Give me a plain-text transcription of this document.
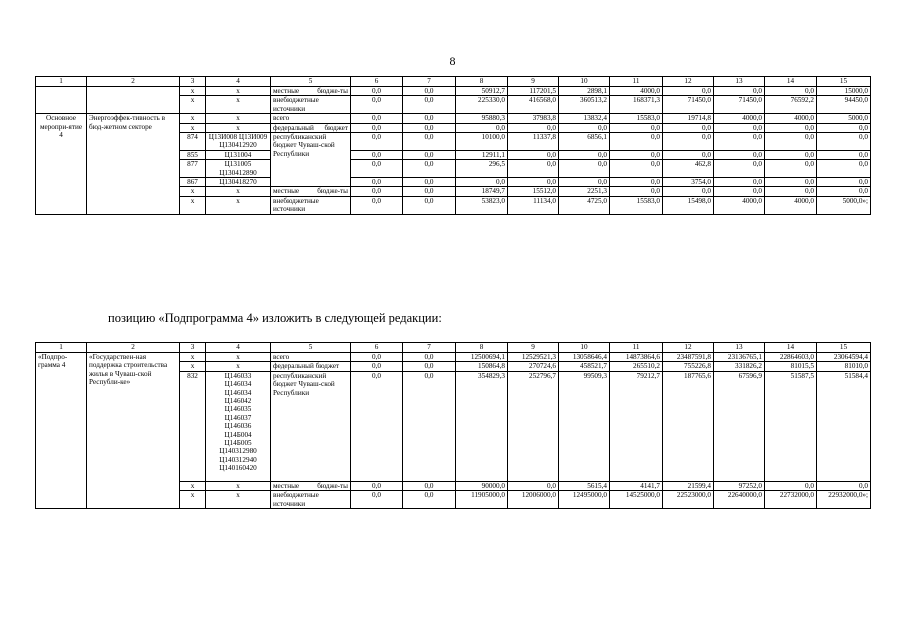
8
1	2	3	4	5	6	7	8	9	10	11	12	13	14	15
		х	х	местные бюдже-ты	0,0	0,0	50912,7	117201,5	2898,1	4000,0	0,0	0,0	0,0	15000,0
		х	х	внебюджетные источники	0,0	0,0	225330,0	416568,0	360513,2	168371,3	71450,0	71450,0	76592,2	94450,0
Основное меропри-ятие 4	Энергоэффек-тивность в бюд-жетном секторе	х	х	всего	0,0	0,0	95880,3	37983,8	13832,4	15583,0	19714,8	4000,0	4000,0	5000,0
		х	х	федеральный бюджет	0,0	0,0	0,0	0,0	0,0	0,0	0,0	0,0	0,0	0,0
		874	Ц13И008 Ц13И009 Ц130412920	республиканский бюджет Чуваш-ской Республики	0,0	0,0	10100,0	11337,8	6856,1	0,0	0,0	0,0	0,0	0,0
		855	Ц131004		0,0	0,0	12911,1	0,0	0,0	0,0	0,0	0,0	0,0	0,0
		877	Ц131005 Ц130412890		0,0	0,0	296,5	0,0	0,0	0,0	462,8	0,0	0,0	0,0
		867	Ц130418270		0,0	0,0	0,0	0,0	0,0	0,0	3754,0	0,0	0,0	0,0
		х	х	местные бюдже-ты	0,0	0,0	18749,7	15512,0	2251,3	0,0	0,0	0,0	0,0	0,0
		х	х	внебюджетные источники	0,0	0,0	53823,0	11134,0	4725,0	15583,0	15498,0	4000,0	4000,0	5000,0»;
позицию «Подпрограмма 4» изложить в следующей редакции:
1	2	3	4	5	6	7	8	9	10	11	12	13	14	15
«Подпро-грамма 4	«Государствен-ная поддержка строительства жилья в Чуваш-ской Республи-ке»	х	х	всего	0,0	0,0	12500694,1	12529521,3	13058646,4	14873864,6	23487591,8	23136765,1	22864603,0	23064594,4
		х	х	федеральный бюджет	0,0	0,0	150864,8	270724,6	458521,7	265510,2	755226,8	331826,2	81015,5	81010,0
		832	Ц146033 Ц146034 Ц146034 Ц146042 Ц146035 Ц146037 Ц146036 Ц14Б004 Ц14Б005 Ц140312980 Ц140312940 Ц140160420	республиканский бюджет Чуваш-ской Республики	0,0	0,0	354829,3	252796,7	99509,3	79212,7	187765,6	67596,9	51587,5	51584,4
		х	х	местные бюдже-ты	0,0	0,0	90000,0	0,0	5615,4	4141,7	21599,4	97252,0	0,0	0,0
		х	х	внебюджетные источники	0,0	0,0	11905000,0	12006000,0	12495000,0	14525000,0	22523000,0	22640000,0	22732000,0	22932000,0»;
